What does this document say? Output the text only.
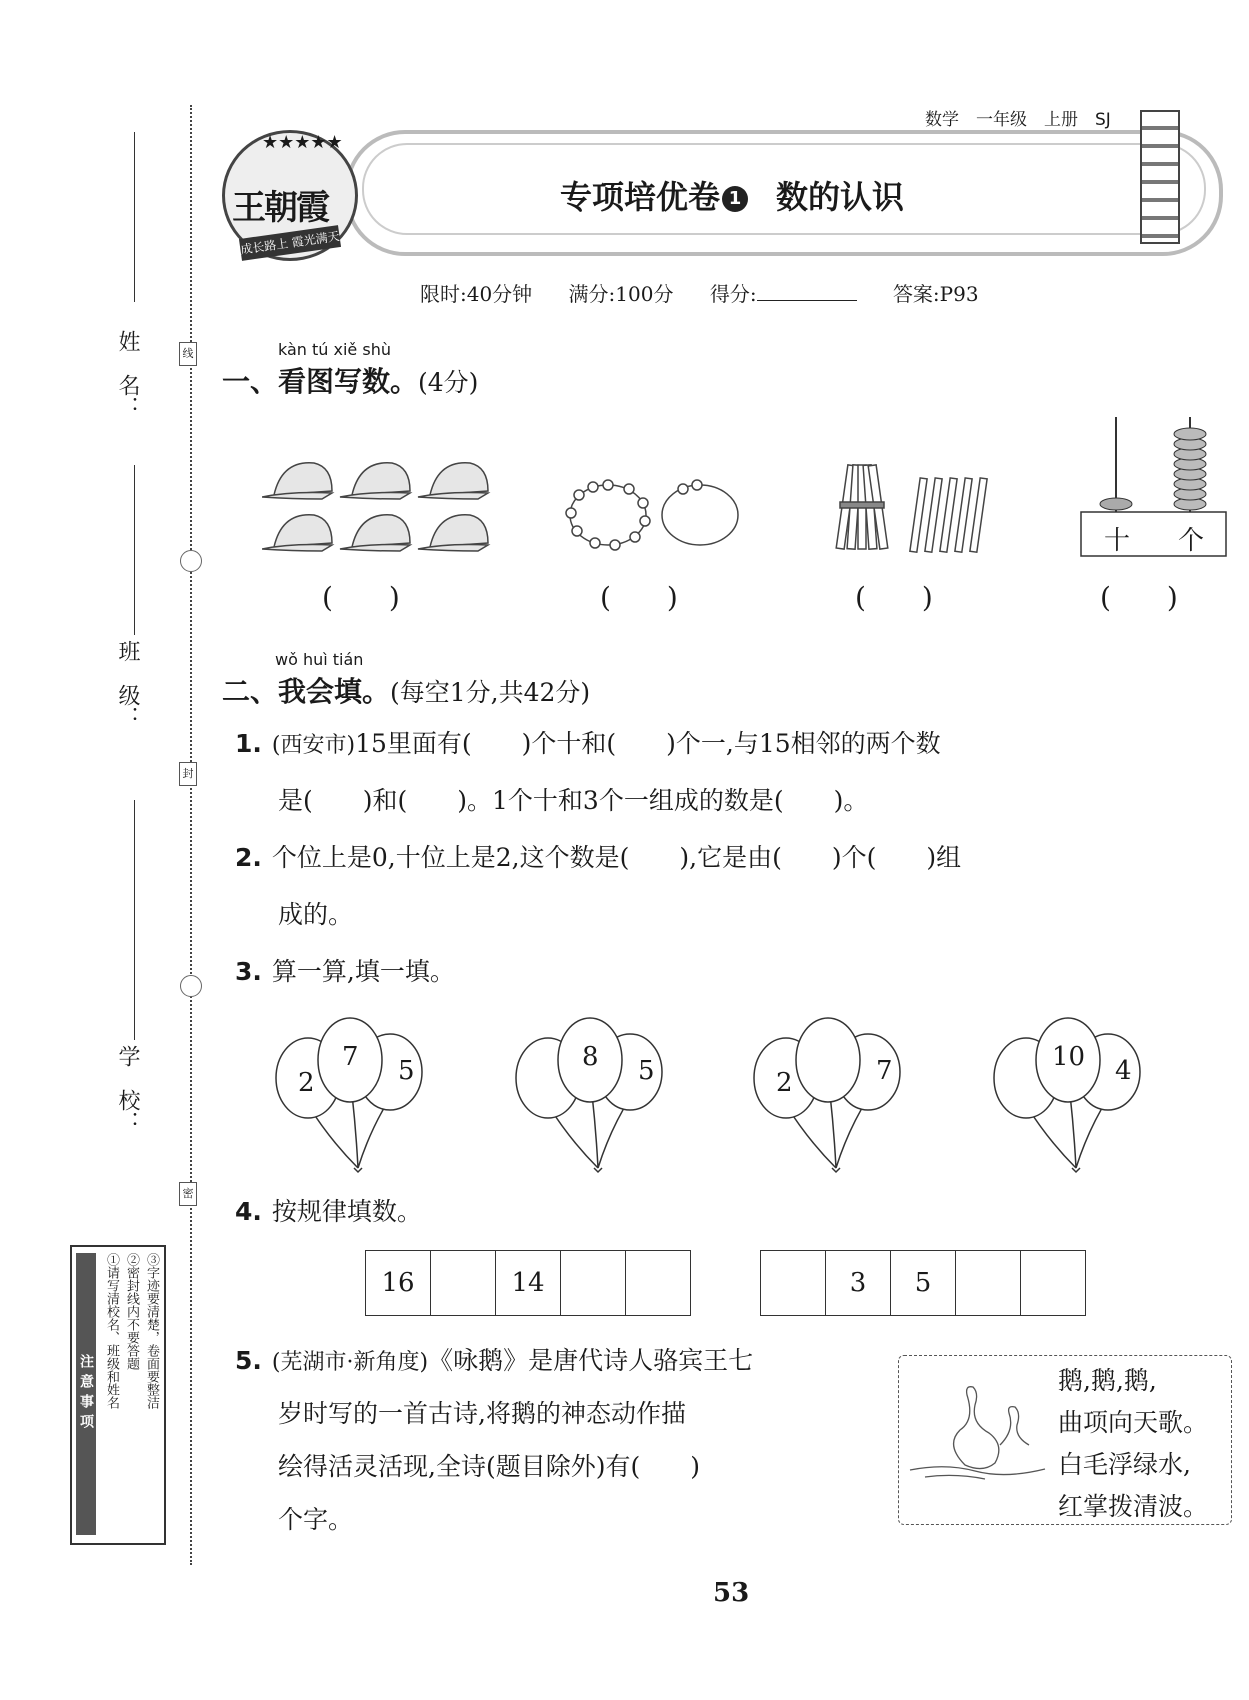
姓　名：
班　级：
学　校：
线
封
密
注意事项 ①请写清校名、班级和姓名 ②密封线内不要答题 ③字迹要清楚，卷面要整洁
数学　一年级　上册　SJ
★★★★★
王朝霞
成长路上 霞光满天
专项培优卷 1 数的认识
限时:40分钟 满分:100分 得分:	答案:P93
kàn tú xiě shù
一、看图写数。(4分)
十 个
(　　)	(　　)	(　　)	(　　)
wǒ huì tián
二、我会填。(每空1分,共42分)
1. (西安市)15里面有(　　)个十和(　　)个一,与15相邻的两个数
是(　　)和(　　)。1个十和3个一组成的数是(　　)。
2. 个位上是0,十位上是2,这个数是(　　),它是由(　　)个(　　)组
成的。
3. 算一算,填一填。
2
7 5	8 5	2	7	10 4
4. 按规律填数。
16	14	3	5
5. (芜湖市·新角度)《咏鹅》是唐代诗人骆宾王七
岁时写的一首古诗,将鹅的神态动作描
绘得活灵活现,全诗(题目除外)有(　　)
个字。
鹅,鹅,鹅,
曲项向天歌。
白毛浮绿水,
红掌拨清波。
53
